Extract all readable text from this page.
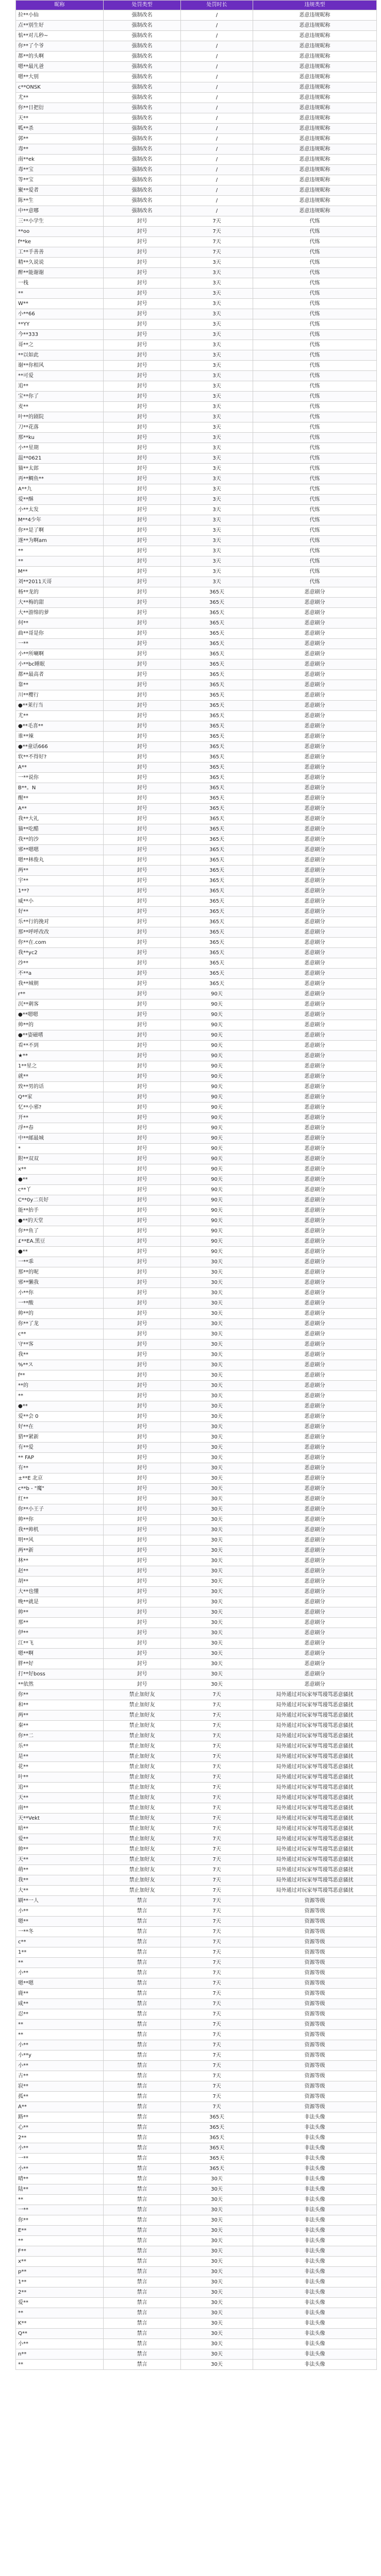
昵称	处罚类型	处罚时长	违规类型
拉**小仙	强制改名	/	恶意违规昵称
点**别生好	强制改名	/	恶意违规昵称
惦**对儿秒~	强制改名	/	恶意违规昵称
你**了个爷	强制改名	/	恶意违规昵称
都**的头啊	强制改名	/	恶意违规昵称
嗯**最凡爸	强制改名	/	恶意违规昵称
嗯**大别	强制改名	/	恶意违规昵称
c**ONSK	强制改名	/	恶意违规昵称
尤**	强制改名	/	恶意违规昵称
你**日把衍	强制改名	/	恶意违规昵称
天**	强制改名	/	恶意违规昵称
呱**杀	强制改名	/	恶意违规昵称
郭**	强制改名	/	恶意违规昵称
毒**	强制改名	/	恶意违规昵称
南**ek	强制改名	/	恶意违规昵称
毒**宝	强制改名	/	恶意违规昵称
等**宝	强制改名	/	恶意违规昵称
聚**爱者	强制改名	/	恶意违规昵称
陈**生	强制改名	/	恶意违规昵称
中**意哪	强制改名	/	恶意违规昵称
三**小学生	封号	7天	代练
**oo	封号	7天	代练
f**ke	封号	7天	代练
工**手善善	封号	7天	代练
精**久说说	封号	3天	代练
醉**能谢谢	封号	3天	代练
一栈	封号	3天	代练
**	封号	3天	代练
W**	封号	3天	代练
小**66	封号	3天	代练
**YY	封号	3天	代练
今**333	封号	3天	代练
哥**之	封号	3天	代练
**以如此	封号	3天	代练
谢**你相风	封号	3天	代练
**可爱	封号	3天	代练
追**	封号	3天	代练
宝**你了	封号	3天	代练
麦**	封号	3天	代练
叶**的剧院	封号	3天	代练
刀**花落	封号	3天	代练
那**ku	封号	3天	代练
小**星期	封号	3天	代练
温**0621	封号	3天	代练
猫**太郎	封号	3天	代练
再**鲷鱼**	封号	3天	代练
A**九	封号	3天	代练
爱**酥	封号	3天	代练
小**太发	封号	3天	代练
M**4少年	封号	3天	代练
你**是了啊	封号	3天	代练
遂**为啊am	封号	3天	代练
**	封号	3天	代练
**	封号	3天	代练
M**	封号	3天	代练
刘**2011天哥	封号	3天	代练
杨**龙的	封号	365天	恶意刷分
大**梅的甜	封号	365天	恶意刷分
大**游绵的萝	封号	365天	恶意刷分
何**	封号	365天	恶意刷分
曲**哥是你	封号	365天	恶意刷分
一**	封号	365天	恶意刷分
小**所喇啊	封号	365天	恶意刷分
小**bc睡眠	封号	365天	恶意刷分
都**最高者	封号	365天	恶意刷分
靠**	封号	365天	恶意刷分
川**樱行	封号	365天	恶意刷分
●**莱行当	封号	365天	恶意刷分
尤**	封号	365天	恶意刷分
●**毛喜**	封号	365天	恶意刷分
谁**辣	封号	365天	恶意刷分
●**童话666	封号	365天	恶意刷分
软**不得好?	封号	365天	恶意刷分
A**	封号	365天	恶意刷分
一**说你	封号	365天	恶意刷分
B**。N	封号	365天	恶意刷分
醒**	封号	365天	恶意刷分
A**	封号	365天	恶意刷分
我**大礼	封号	365天	恶意刷分
猫**吃醋	封号	365天	恶意刷分
我**的沙	封号	365天	恶意刷分
邪**嗯嗯	封号	365天	恶意刷分
嗯**林俊丸	封号	365天	恶意刷分
两**	封号	365天	恶意刷分
宇**	封号	365天	恶意刷分
1**?	封号	365天	恶意刷分
威**小	封号	365天	恶意刷分
好**	封号	365天	恶意刷分
乐**行的挽对	封号	365天	恶意刷分
那**呼呼改改	封号	365天	恶意刷分
你**在.com	封号	365天	恶意刷分
我**yc2	封号	365天	恶意刷分
沙**	封号	365天	恶意刷分
不**a	封号	365天	恶意刷分
我**城朝	封号	365天	恶意刷分
r**	封号	90天	恶意刷分
沉**刺客	封号	90天	恶意刷分
●**嗯嗯	封号	90天	恶意刷分
帅**的	封号	90天	恶意刷分
●**姿磁嗜	封号	90天	恶意刷分
看**不到	封号	90天	恶意刷分
★**	封号	90天	恶意刷分
1**星之	封号	90天	恶意刷分
就**	封号	90天	恶意刷分
致**男的话	封号	90天	恶意刷分
Q**家	封号	90天	恶意刷分
忆**小邪?	封号	90天	恶意刷分
开**	封号	90天	恶意刷分
浮**春	封号	90天	恶意刷分
中**邮最城	封号	90天	恶意刷分
*	封号	90天	恶意刷分
附**双双	封号	90天	恶意刷分
x**	封号	90天	恶意刷分
●**	封号	90天	恶意刷分
c**丫	封号	90天	恶意刷分
C**0y二页好	封号	90天	恶意刷分
能**抬手	封号	90天	恶意刷分
●**的天堂	封号	90天	恶意刷分
你**鱼了	封号	90天	恶意刷分
£**EA.黑豆	封号	90天	恶意刷分
●**	封号	90天	恶意刷分
一**乖	封号	30天	恶意刷分
那**的呢	封号	30天	恶意刷分
邪**懒我	封号	30天	恶意刷分
小**你	封号	30天	恶意刷分
一**酸	封号	30天	恶意刷分
帅**的	封号	30天	恶意刷分
你**了龙	封号	30天	恶意刷分
c**	封号	30天	恶意刷分
守**客	封号	30天	恶意刷分
我**	封号	30天	恶意刷分
%**ス	封号	30天	恶意刷分
f**	封号	30天	恶意刷分
**的	封号	30天	恶意刷分
**	封号	30天	恶意刷分
●**	封号	30天	恶意刷分
爱**会 0	封号	30天	恶意刷分
好**在	封号	30天	恶意刷分
猎**紧新	封号	30天	恶意刷分
有**爱	封号	30天	恶意刷分
** FAP	封号	30天	恶意刷分
有**	封号	30天	恶意刷分
±**E 北京	封号	30天	恶意刷分
c**b - "魔"	封号	30天	恶意刷分
红**	封号	30天	恶意刷分
你**小王子	封号	30天	恶意刷分
帅**你	封号	30天	恶意刷分
我**帅机	封号	30天	恶意刷分
明**风	封号	30天	恶意刷分
两**新	封号	30天	恶意刷分
林**	封号	30天	恶意刷分
赵**	封号	30天	恶意刷分
胡**	封号	30天	恶意刷分
大**也懂	封号	30天	恶意刷分
晚**就是	封号	30天	恶意刷分
帅**	封号	30天	恶意刷分
那**	封号	30天	恶意刷分
伊**	封号	30天	恶意刷分
江**飞	封号	30天	恶意刷分
嗯**啊	封号	30天	恶意刷分
胖**好	封号	30天	恶意刷分
打**好boss	封号	30天	恶意刷分
**依然	封号	30天	恶意刷分
你**	禁止加好友	7天	局外通过对玩家辱骂谩骂恶意骚扰
和**	禁止加好友	7天	局外通过对玩家辱骂谩骂恶意骚扰
两**	禁止加好友	7天	局外通过对玩家辱骂谩骂恶意骚扰
秦**	禁止加好友	7天	局外通过对玩家辱骂谩骂恶意骚扰
你**二	禁止加好友	7天	局外通过对玩家辱骂谩骂恶意骚扰
乐**	禁止加好友	7天	局外通过对玩家辱骂谩骂恶意骚扰
是**	禁止加好友	7天	局外通过对玩家辱骂谩骂恶意骚扰
花**	禁止加好友	7天	局外通过对玩家辱骂谩骂恶意骚扰
叶**	禁止加好友	7天	局外通过对玩家辱骂谩骂恶意骚扰
追**	禁止加好友	7天	局外通过对玩家辱骂谩骂恶意骚扰
天**	禁止加好友	7天	局外通过对玩家辱骂谩骂恶意骚扰
南**	禁止加好友	7天	局外通过对玩家辱骂谩骂恶意骚扰
天**Vekt	禁止加好友	7天	局外通过对玩家辱骂谩骂恶意骚扰
暗**	禁止加好友	7天	局外通过对玩家辱骂谩骂恶意骚扰
爱**	禁止加好友	7天	局外通过对玩家辱骂谩骂恶意骚扰
帅**	禁止加好友	7天	局外通过对玩家辱骂谩骂恶意骚扰
天**	禁止加好友	7天	局外通过对玩家辱骂谩骂恶意骚扰
萌**	禁止加好友	7天	局外通过对玩家辱骂谩骂恶意骚扰
我**	禁止加好友	7天	局外通过对玩家辱骂谩骂恶意骚扰
大**	禁止加好友	7天	局外通过对玩家辱骂谩骂恶意骚扰
刷**一人	禁言	7天	资源等级
小**	禁言	7天	资源等级
嗯**	禁言	7天	资源等级
一**冬	禁言	7天	资源等级
c**	禁言	7天	资源等级
1**	禁言	7天	资源等级
**	禁言	7天	资源等级
小**	禁言	7天	资源等级
嗯**嗯	禁言	7天	资源等级
鹿**	禁言	7天	资源等级
咸**	禁言	7天	资源等级
忍**	禁言	7天	资源等级
**	禁言	7天	资源等级
**	禁言	7天	资源等级
小**	禁言	7天	资源等级
小**y	禁言	7天	资源等级
小**	禁言	7天	资源等级
古**	禁言	7天	资源等级
寂**	禁言	7天	资源等级
孤**	禁言	7天	资源等级
A**	禁言	7天	资源等级
路**	禁言	365天	非法头像
心**	禁言	365天	非法头像
2**	禁言	365天	非法头像
小**	禁言	365天	非法头像
一**	禁言	365天	非法头像
小**	禁言	365天	非法头像
晴**	禁言	30天	非法头像
陆**	禁言	30天	非法头像
**	禁言	30天	非法头像
一**	禁言	30天	非法头像
你**	禁言	30天	非法头像
E**	禁言	30天	非法头像
**	禁言	30天	非法头像
F**	禁言	30天	非法头像
x**	禁言	30天	非法头像
p**	禁言	30天	非法头像
1**	禁言	30天	非法头像
2**	禁言	30天	非法头像
爱**	禁言	30天	非法头像
**	禁言	30天	非法头像
K**	禁言	30天	非法头像
Q**	禁言	30天	非法头像
小**	禁言	30天	非法头像
n**	禁言	30天	非法头像
**	禁言	30天	非法头像
